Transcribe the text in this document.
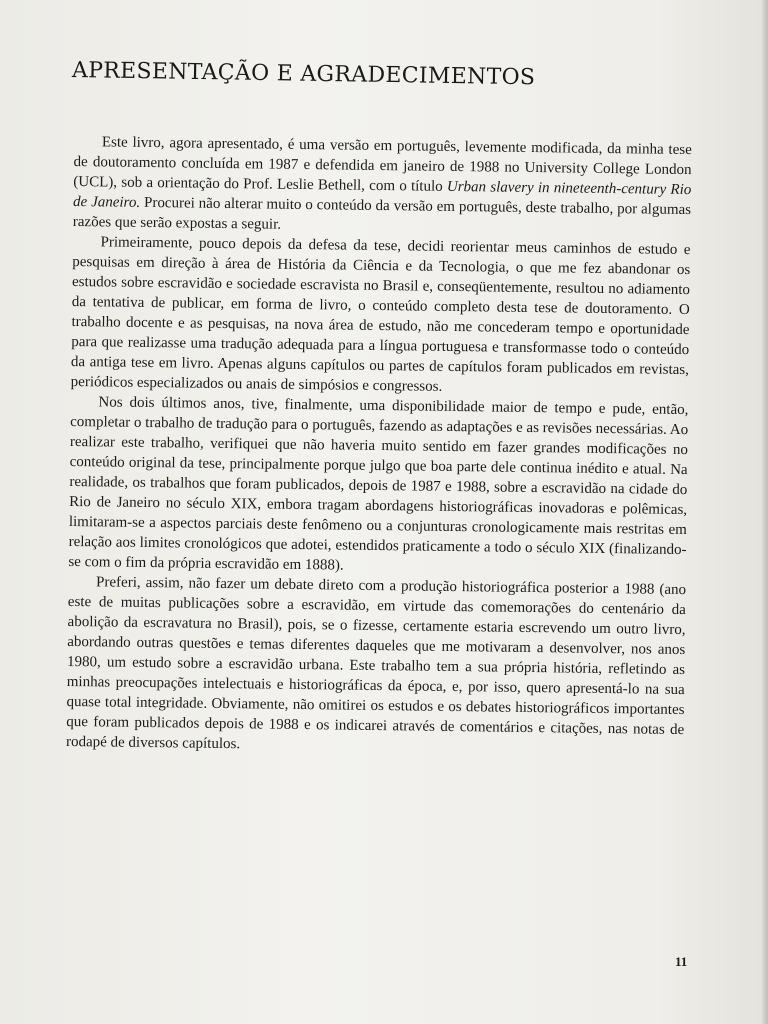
APRESENTAÇÃO E AGRADECIMENTOS

Este livro, agora apresentado, é uma versão em português, levemente modificada, da minha tese de doutoramento concluída em 1987 e defendida em janeiro de 1988 no University College London (UCL), sob a orientação do Prof. Leslie Bethell, com o título Urban slavery in nineteenth-century Rio de Janeiro. Procurei não alterar muito o conteúdo da versão em português, deste trabalho, por algumas razões que serão expostas a seguir.

Primeiramente, pouco depois da defesa da tese, decidi reorientar meus caminhos de estudo e pesquisas em direção à área de História da Ciência e da Tecnologia, o que me fez abandonar os estudos sobre escravidão e sociedade escravista no Brasil e, conseqüentemente, resultou no adiamento da tentativa de publicar, em forma de livro, o conteúdo completo desta tese de doutoramento. O trabalho docente e as pesquisas, na nova área de estudo, não me concederam tempo e oportunidade para que realizasse uma tradução adequada para a língua portuguesa e transformasse todo o conteúdo da antiga tese em livro. Apenas alguns capítulos ou partes de capítulos foram publicados em revistas, periódicos especializados ou anais de simpósios e congressos.

Nos dois últimos anos, tive, finalmente, uma disponibilidade maior de tempo e pude, então, completar o trabalho de tradução para o português, fazendo as adaptações e as revisões necessárias. Ao realizar este trabalho, verifiquei que não haveria muito sentido em fazer grandes modificações no conteúdo original da tese, principalmente porque julgo que boa parte dele continua inédito e atual. Na realidade, os trabalhos que foram publicados, depois de 1987 e 1988, sobre a escravidão na cidade do Rio de Janeiro no século XIX, embora tragam abordagens historiográficas inovadoras e polêmicas, limitaram-se a aspectos parciais deste fenômeno ou a conjunturas cronologicamente mais restritas em relação aos limites cronológicos que adotei, estendidos praticamente a todo o século XIX (finalizando-se com o fim da própria escravidão em 1888).

Preferi, assim, não fazer um debate direto com a produção historiográfica posterior a 1988 (ano este de muitas publicações sobre a escravidão, em virtude das comemorações do centenário da abolição da escravatura no Brasil), pois, se o fizesse, certamente estaria escrevendo um outro livro, abordando outras questões e temas diferentes daqueles que me motivaram a desenvolver, nos anos 1980, um estudo sobre a escravidão urbana. Este trabalho tem a sua própria história, refletindo as minhas preocupações intelectuais e historiográficas da época, e, por isso, quero apresentá-lo na sua quase total integridade. Obviamente, não omitirei os estudos e os debates historiográficos importantes que foram publicados depois de 1988 e os indicarei através de comentários e citações, nas notas de rodapé de diversos capítulos.

11
